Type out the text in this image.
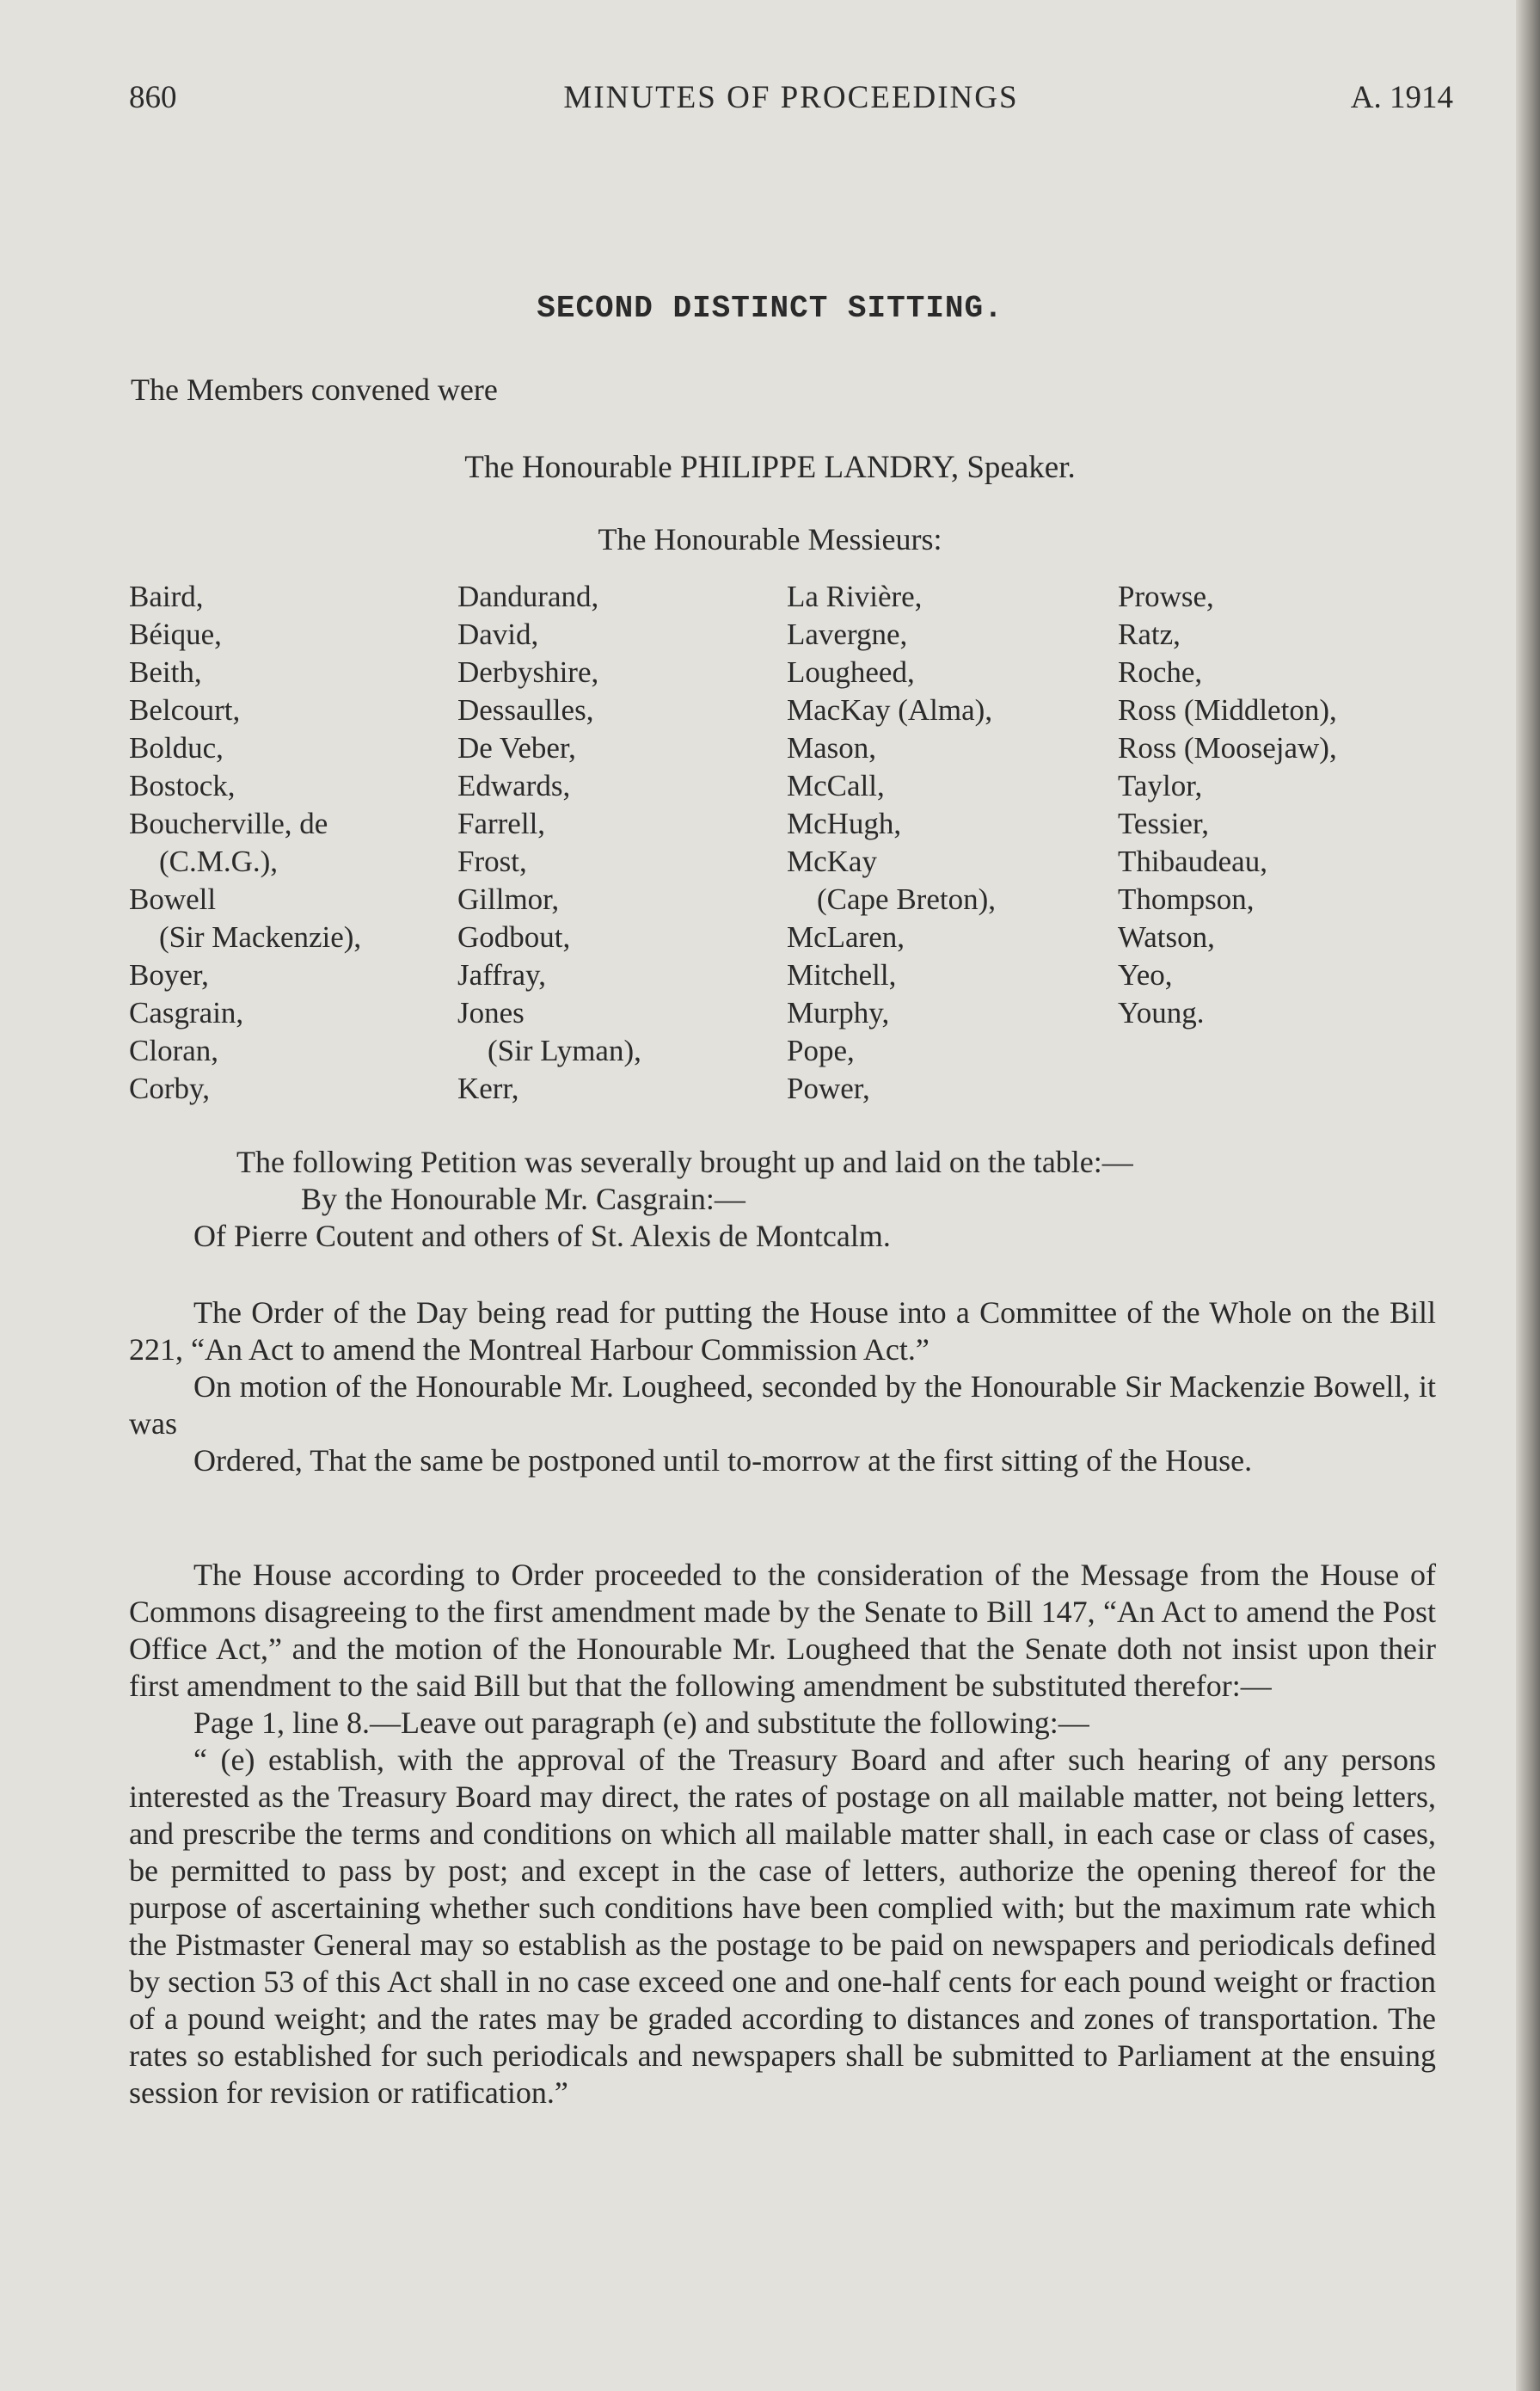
860	MINUTES OF PROCEEDINGS	A. 1914
SECOND DISTINCT SITTING.
The Members convened were
The Honourable PHILIPPE LANDRY, Speaker.
The Honourable Messieurs:
Baird,
Béique,
Beith,
Belcourt,
Bolduc,
Bostock,
Boucherville, de
(C.M.G.),
Bowell
(Sir Mackenzie),
Boyer,
Casgrain,
Cloran,
Corby,
Dandurand,
David,
Derbyshire,
Dessaulles,
De Veber,
Edwards,
Farrell,
Frost,
Gillmor,
Godbout,
Jaffray,
Jones
(Sir Lyman),
Kerr,
La Rivière,
Lavergne,
Lougheed,
MacKay (Alma),
Mason,
McCall,
McHugh,
McKay
(Cape Breton),
McLaren,
Mitchell,
Murphy,
Pope,
Power,
Prowse,
Ratz,
Roche,
Ross (Middleton),
Ross (Moosejaw),
Taylor,
Tessier,
Thibaudeau,
Thompson,
Watson,
Yeo,
Young.

The following Petition was severally brought up and laid on the table:—

By the Honourable Mr. Casgrain:—

Of Pierre Coutent and others of St. Alexis de Montcalm.

The Order of the Day being read for putting the House into a Committee of the Whole on the Bill 221, “An Act to amend the Montreal Harbour Commission Act.”

On motion of the Honourable Mr. Lougheed, seconded by the Honourable Sir Mackenzie Bowell, it was

Ordered, That the same be postponed until to-morrow at the first sitting of the House.

The House according to Order proceeded to the consideration of the Message from the House of Commons disagreeing to the first amendment made by the Senate to Bill 147, “An Act to amend the Post Office Act,” and the motion of the Honourable Mr. Lougheed that the Senate doth not insist upon their first amendment to the said Bill but that the following amendment be substituted therefor:—

Page 1, line 8.—Leave out paragraph (e) and substitute the following:—

“ (e) establish, with the approval of the Treasury Board and after such hearing of any persons interested as the Treasury Board may direct, the rates of postage on all mailable matter, not being letters, and prescribe the terms and conditions on which all mailable matter shall, in each case or class of cases, be permitted to pass by post; and except in the case of letters, authorize the opening thereof for the purpose of ascertaining whether such conditions have been complied with; but the maximum rate which the Pistmaster General may so establish as the postage to be paid on newspapers and periodicals defined by section 53 of this Act shall in no case exceed one and one-half cents for each pound weight or fraction of a pound weight; and the rates may be graded according to distances and zones of transportation. The rates so established for such periodicals and newspapers shall be submitted to Parliament at the ensuing session for revision or ratification.”
